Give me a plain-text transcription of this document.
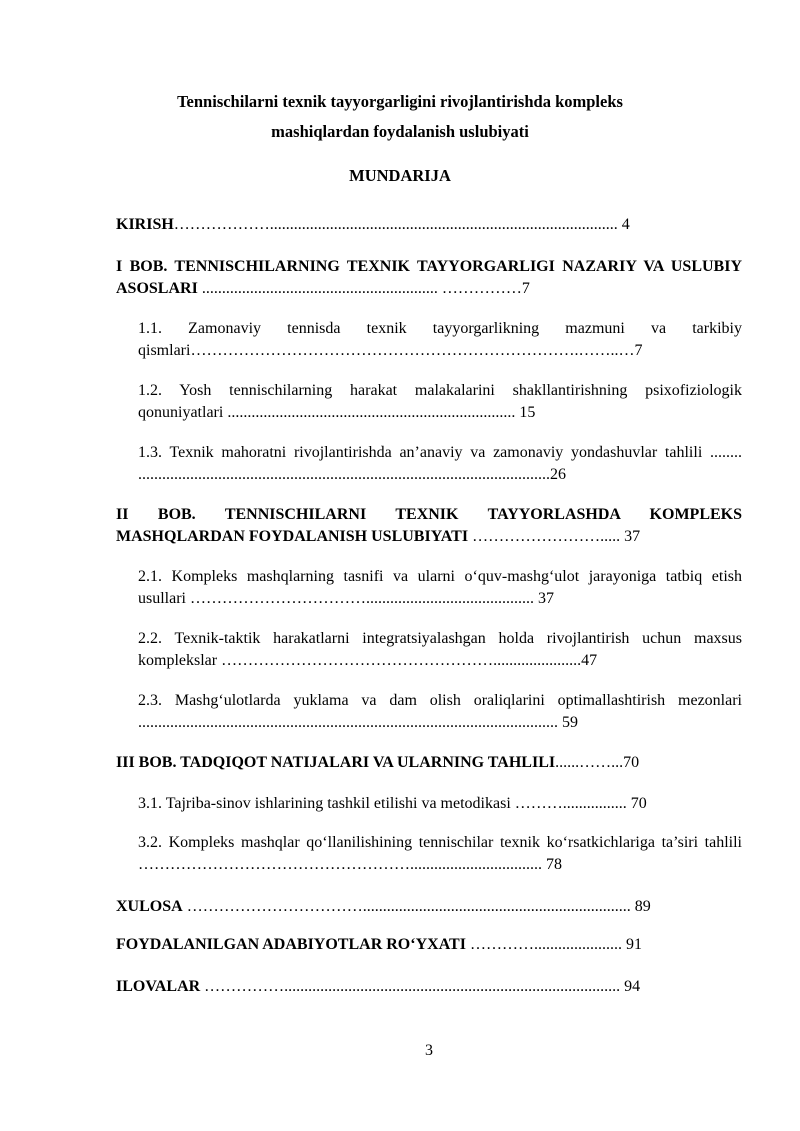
Tennischilarni texnik tayyorgarligini rivojlantirishda kompleks
mashiqlardan foydalanish uslubiyati
MUNDARIJA
KIRISH………………....................................................................................... 4
I BOB. TENNISCHILARNING TEXNIK TAYYORGARLIGI NAZARIY VA USLUBIY ASOSLARI ........................................................... ……………7
1.1. Zamonaviy tennisda texnik tayyorgarlikning mazmuni va tarkibiy qismlari……………………………………………………………….……..…7
1.2. Yosh tennischilarning harakat malakalarini shakllantirishning psixofiziologik qonuniyatlari ........................................................................ 15
1.3. Texnik mahoratni rivojlantirishda an’anaviy va zamonaviy yondashuvlar tahlili ........ .......................................................................................................26
II BOB. TENNISCHILARNI TEXNIK TAYYORLASHDA KOMPLEKS MASHQLARDAN FOYDALANISH USLUBIYATI ……………………..... 37
2.1. Kompleks mashqlarning tasnifi va ularni o‘quv-mashg‘ulot jarayoniga tatbiq etish usullari …………………………….......................................... 37
2.2. Texnik-taktik harakatlarni integratsiyalashgan holda rivojlantirish uchun maxsus komplekslar ……………………………………………......................47
2.3. Mashg‘ulotlarda yuklama va dam olish oraliqlarini optimallashtirish mezonlari ......................................................................................................... 59
III BOB. TADQIQOT NATIJALARI VA ULARNING TAHLILI......……...70
3.1. Tajriba-sinov ishlarining tashkil etilishi va metodikasi ………................ 70
3.2. Kompleks mashqlar qo‘llanilishining tennischilar texnik ko‘rsatkichlariga ta’siri tahlili ……………………………………………................................. 78
XULOSA ……………………………................................................................... 89
FOYDALANILGAN ADABIYOTLAR RO‘YXATI …………...................... 91
ILOVALAR …………….................................................................................... 94
3
